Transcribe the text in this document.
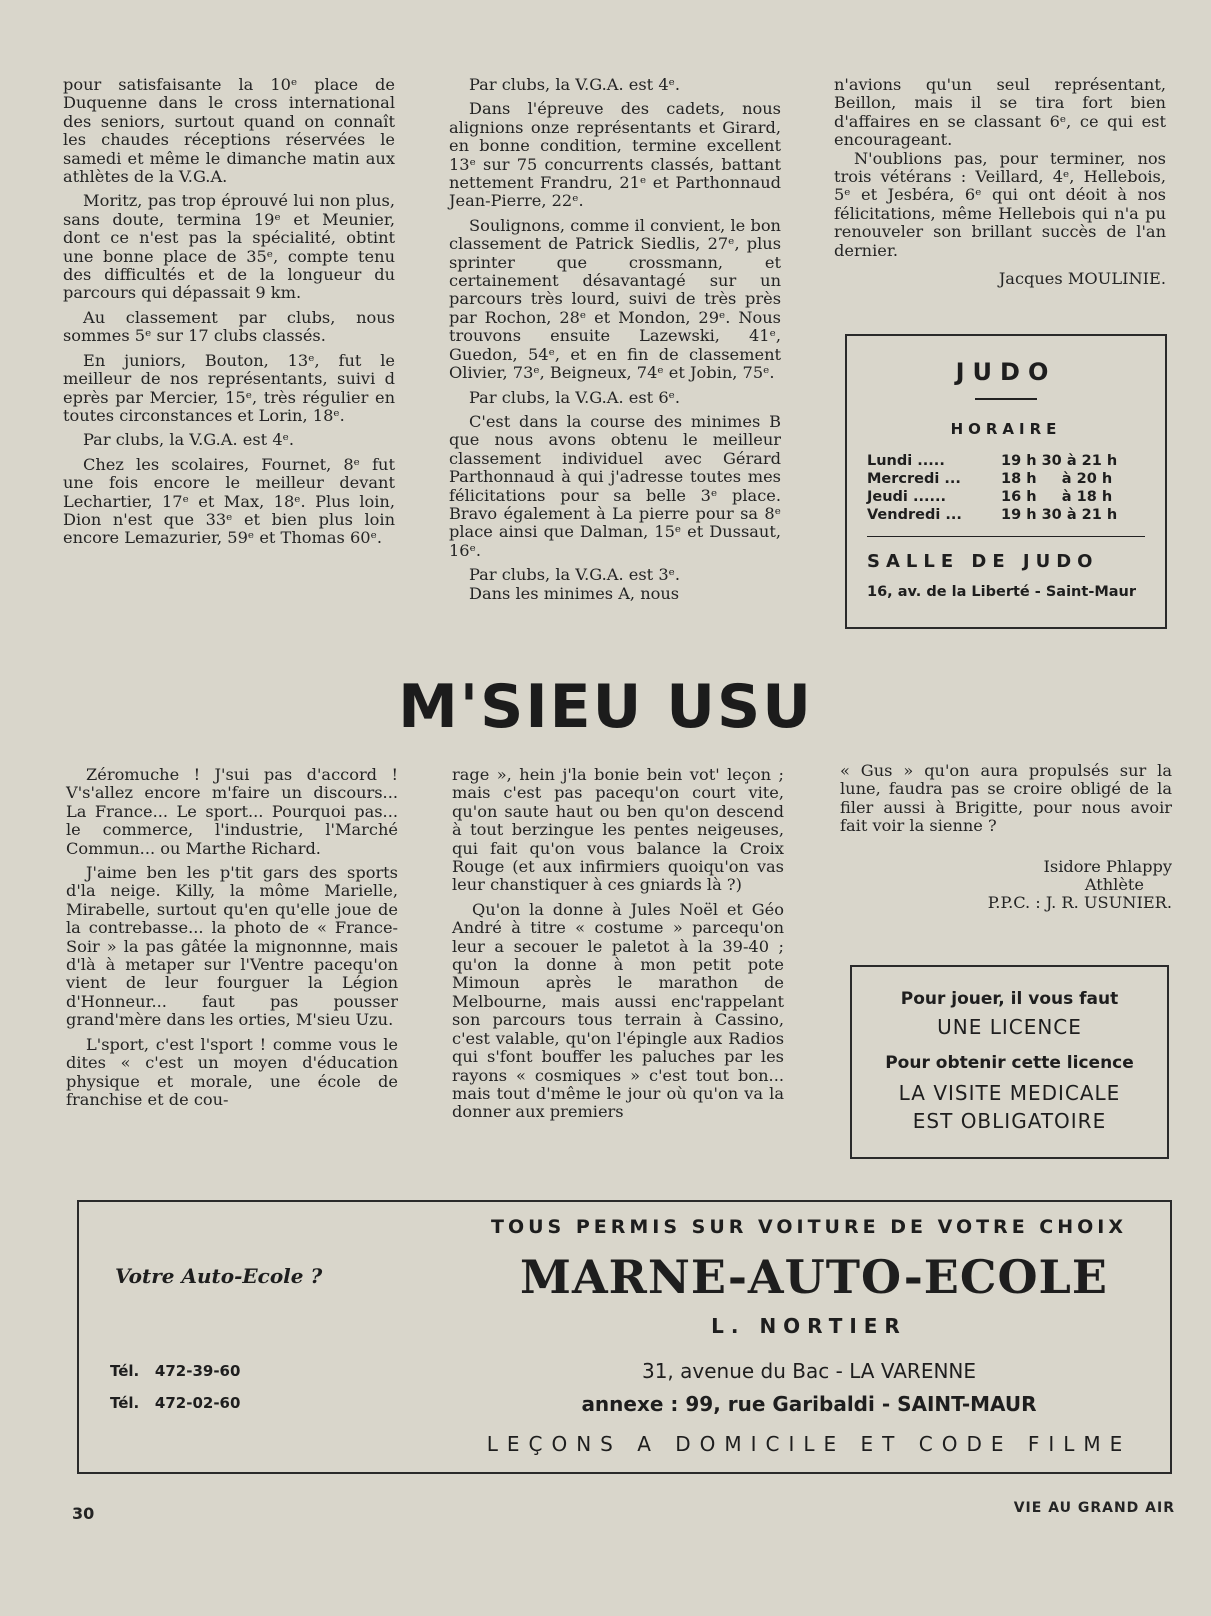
pour satisfaisante la 10ᵉ place de Duquenne dans le cross international des seniors, surtout quand on connaît les chaudes réceptions réservées le samedi et même le dimanche matin aux athlètes de la V.G.A.

Moritz, pas trop éprouvé lui non plus, sans doute, termina 19ᵉ et Meunier, dont ce n'est pas la spécialité, obtint une bonne place de 35ᵉ, compte tenu des difficultés et de la longueur du parcours qui dépassait 9 km.

Au classement par clubs, nous sommes 5ᵉ sur 17 clubs classés.

En juniors, Bouton, 13ᵉ, fut le meilleur de nos représentants, suivi d eprès par Mercier, 15ᵉ, très régulier en toutes circonstances et Lorin, 18ᵉ.

Par clubs, la V.G.A. est 4ᵉ.

Chez les scolaires, Fournet, 8ᵉ fut une fois encore le meilleur devant Lechartier, 17ᵉ et Max, 18ᵉ. Plus loin, Dion n'est que 33ᵉ et bien plus loin encore Lemazurier, 59ᵉ et Thomas 60ᵉ.

Par clubs, la V.G.A. est 4ᵉ.

Dans l'épreuve des cadets, nous alignions onze représentants et Girard, en bonne condition, termine excellent 13ᵉ sur 75 concurrents classés, battant nettement Frandru, 21ᵉ et Parthonnaud Jean-Pierre, 22ᵉ.

Soulignons, comme il convient, le bon classement de Patrick Siedlis, 27ᵉ, plus sprinter que crossmann, et certainement désavantagé sur un parcours très lourd, suivi de très près par Rochon, 28ᵉ et Mondon, 29ᵉ. Nous trouvons ensuite Lazewski, 41ᵉ, Guedon, 54ᵉ, et en fin de classement Olivier, 73ᵉ, Beigneux, 74ᵉ et Jobin, 75ᵉ.

Par clubs, la V.G.A. est 6ᵉ.

C'est dans la course des minimes B que nous avons obtenu le meilleur classement individuel avec Gérard Parthonnaud à qui j'adresse toutes mes félicitations pour sa belle 3ᵉ place. Bravo également à La pierre pour sa 8ᵉ place ainsi que Dalman, 15ᵉ et Dussaut, 16ᵉ.

Par clubs, la V.G.A. est 3ᵉ.

Dans les minimes A, nous

n'avions qu'un seul représentant, Beillon, mais il se tira fort bien d'affaires en se classant 6ᵉ, ce qui est encourageant.

N'oublions pas, pour terminer, nos trois vétérans : Veillard, 4ᵉ, Hellebois, 5ᵉ et Jesbéra, 6ᵉ qui ont déoit à nos félicitations, même Hellebois qui n'a pu renouveler son brillant succès de l'an dernier.

Jacques MOULINIE.

JUDO
HORAIRE
Lundi .....	19 h 30 à 21 h
Mercredi ...	18 h     à 20 h
Jeudi ......	16 h     à 18 h
Vendredi ...	19 h 30 à 21 h
SALLE DE JUDO
16, av. de la Liberté - Saint-Maur
M'SIEU USU

Zéromuche ! J'sui pas d'accord ! V's'allez encore m'faire un discours... La France... Le sport... Pourquoi pas... le commerce, l'industrie, l'Marché Commun... ou Marthe Richard.

J'aime ben les p'tit gars des sports d'la neige. Killy, la môme Marielle, Mirabelle, surtout qu'en qu'elle joue de la contrebasse... la photo de « France-Soir » la pas gâtée la mignonnne, mais d'là à metaper sur l'Ventre pacequ'on vient de leur fourguer la Légion d'Honneur... faut pas pousser grand'mère dans les orties, M'sieu Uzu.

L'sport, c'est l'sport ! comme vous le dites « c'est un moyen d'éducation physique et morale, une école de franchise et de cou-

rage », hein j'la bonie bein vot' leçon ; mais c'est pas pacequ'on court vite, qu'on saute haut ou ben qu'on descend à tout berzingue les pentes neigeuses, qui fait qu'on vous balance la Croix Rouge (et aux infirmiers quoiqu'on vas leur chanstiquer à ces gniards là ?)

Qu'on la donne à Jules Noël et Géo André à titre « costume » parcequ'on leur a secouer le paletot à la 39-40 ; qu'on la donne à mon petit pote Mimoun après le marathon de Melbourne, mais aussi enc'rappelant son parcours tous terrain à Cassino, c'est valable, qu'on l'épingle aux Radios qui s'font bouffer les paluches par les rayons « cosmiques » c'est tout bon... mais tout d'même le jour où qu'on va la donner aux premiers

« Gus » qu'on aura propulsés sur la lune, faudra pas se croire obligé de la filer aussi à Brigitte, pour nous avoir fait voir la sienne ?

Isidore Phlappy

Athlète

P.P.C. : J. R. USUNIER.

Pour jouer, il vous faut
UNE LICENCE
Pour obtenir cette licence
LA VISITE MEDICALE
EST OBLIGATOIRE
Votre Auto-Ecole ?
Tél.   472-39-60
Tél.   472-02-60
TOUS PERMIS SUR VOITURE DE VOTRE CHOIX
MARNE-AUTO-ECOLE
L. NORTIER
31, avenue du Bac - LA VARENNE
annexe : 99, rue Garibaldi - SAINT-MAUR
LEÇONS A DOMICILE ET CODE FILME
30	VIE AU GRAND AIR
